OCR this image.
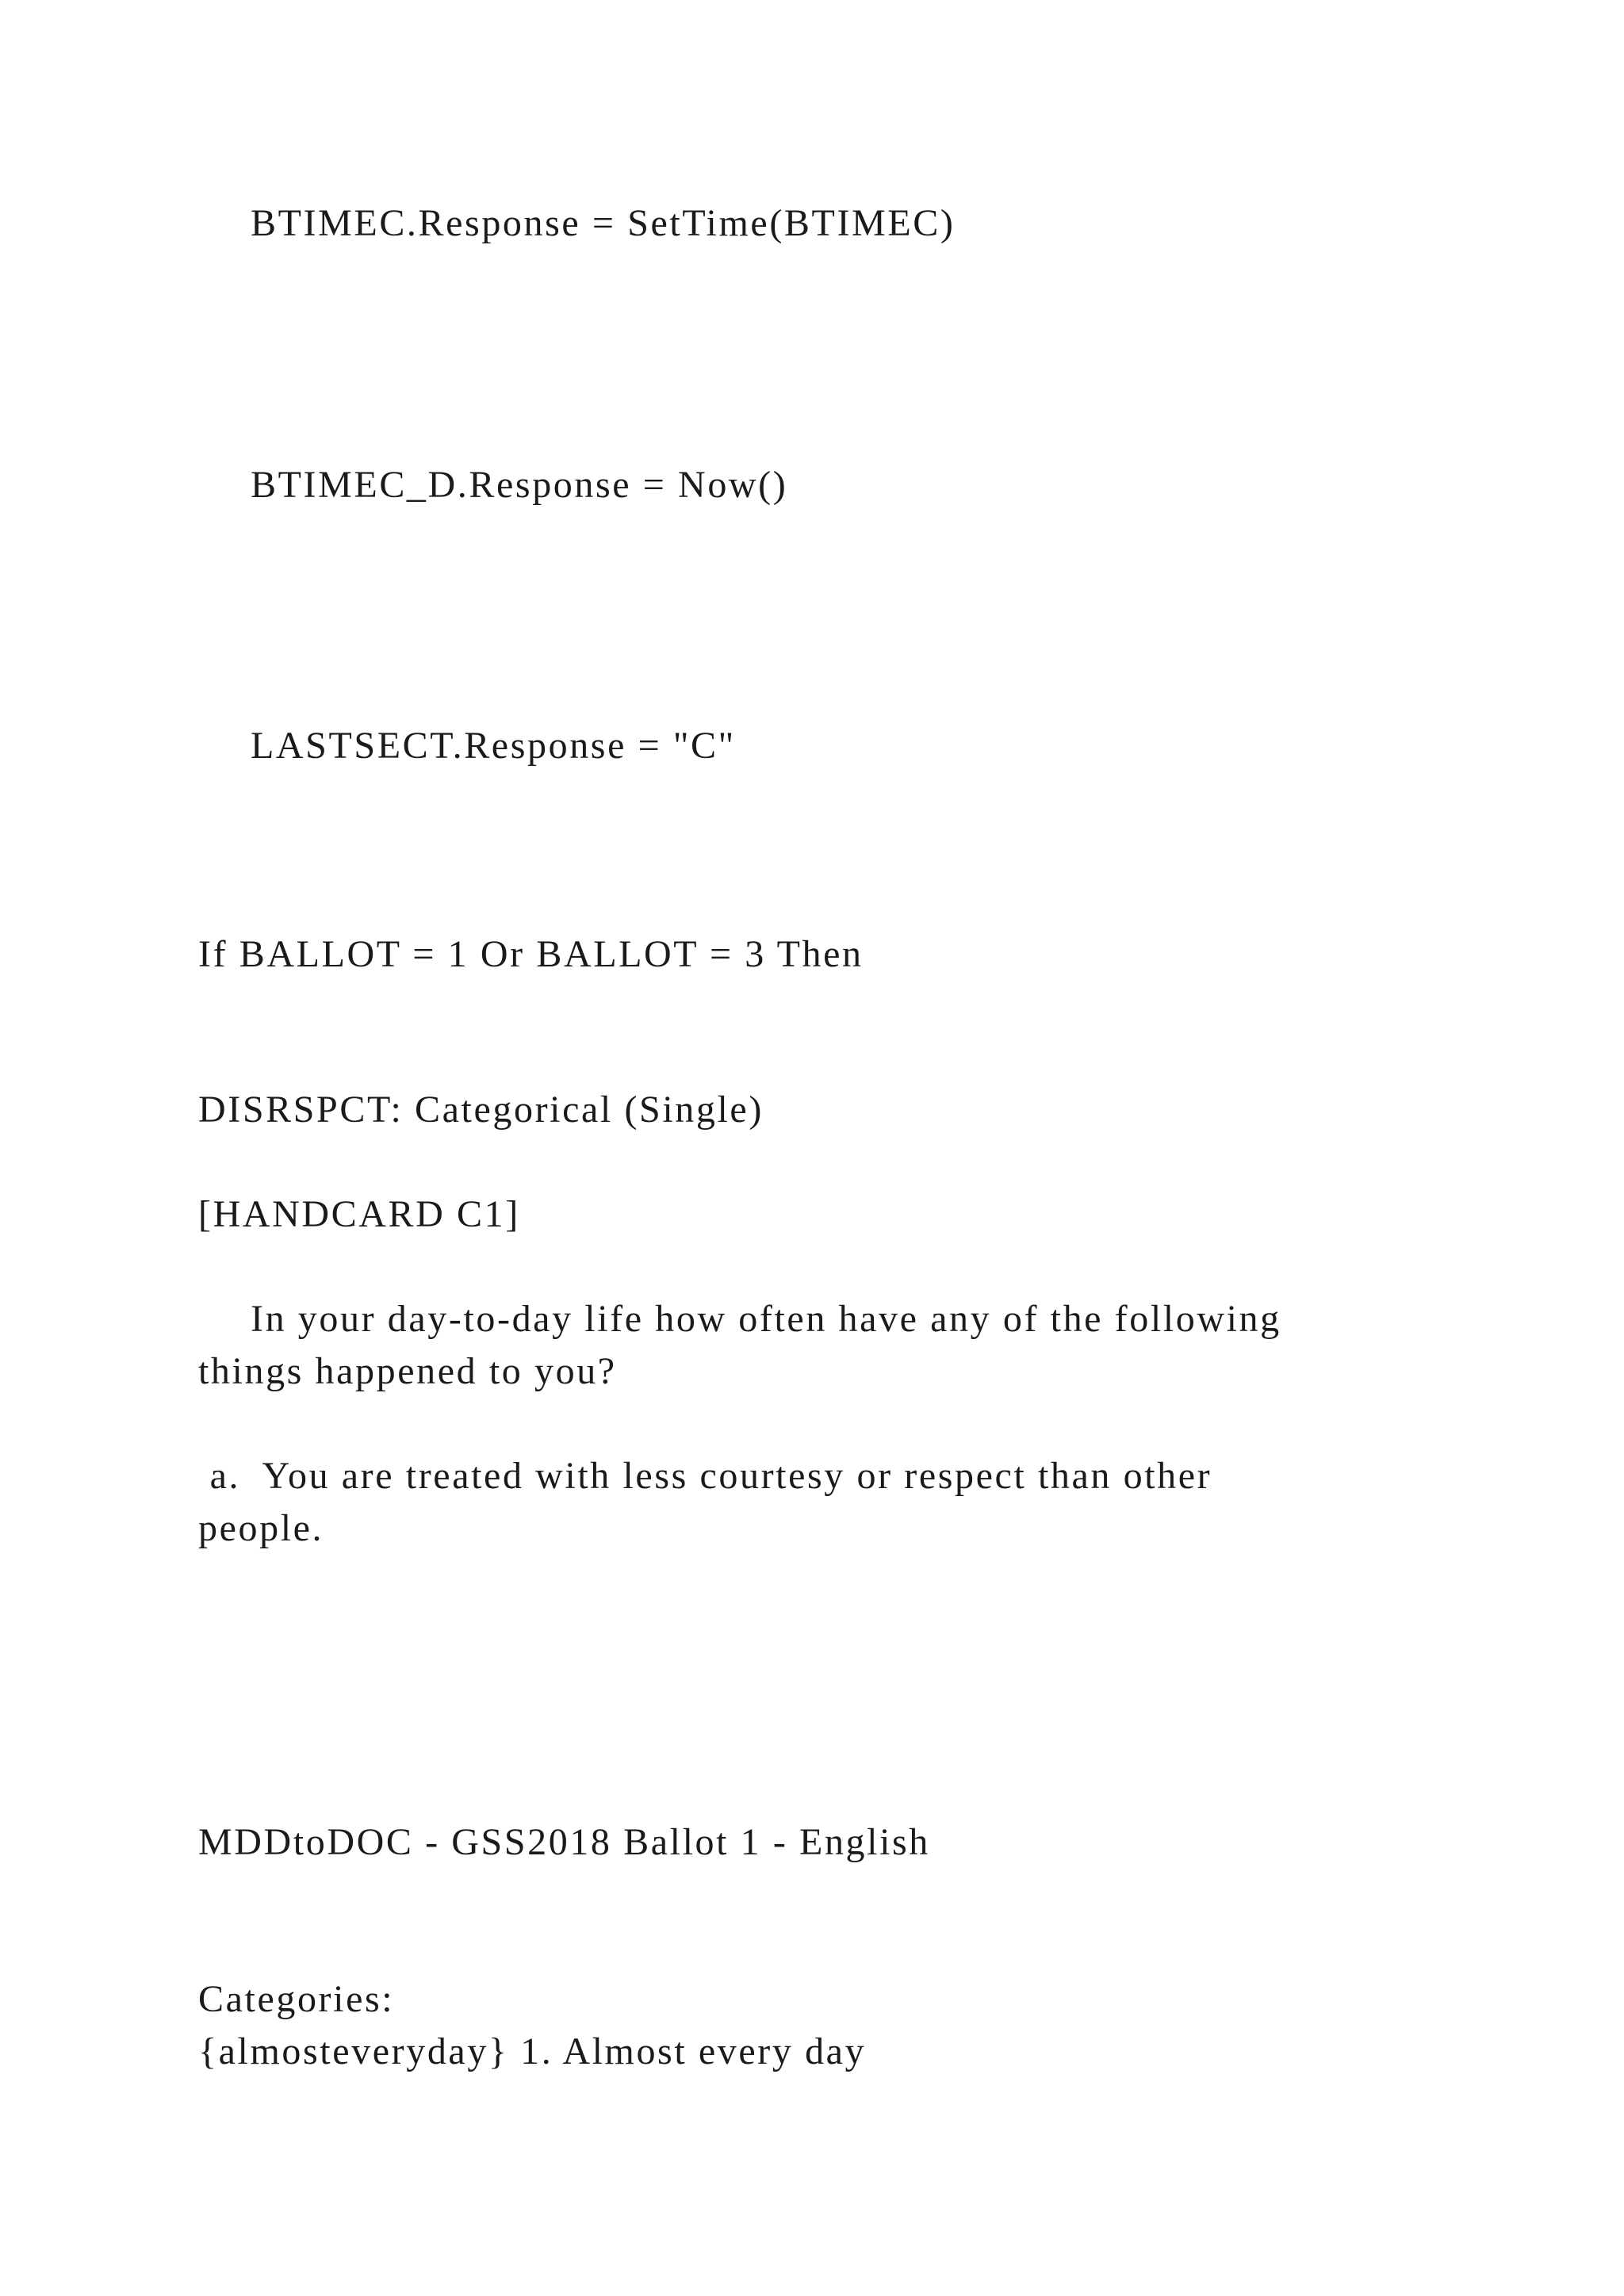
BTIMEC.Response = SetTime(BTIMEC)
BTIMEC_D.Response = Now()
LASTSECT.Response = "C"
If BALLOT = 1 Or BALLOT = 3 Then
DISRSPCT: Categorical (Single)
[HANDCARD C1]
In your day-to-day life how often have any of the following
things happened to you?
a.  You are treated with less courtesy or respect than other
people.
MDDtoDOC - GSS2018 Ballot 1 - English
Categories:
{almosteveryday} 1. Almost every day
